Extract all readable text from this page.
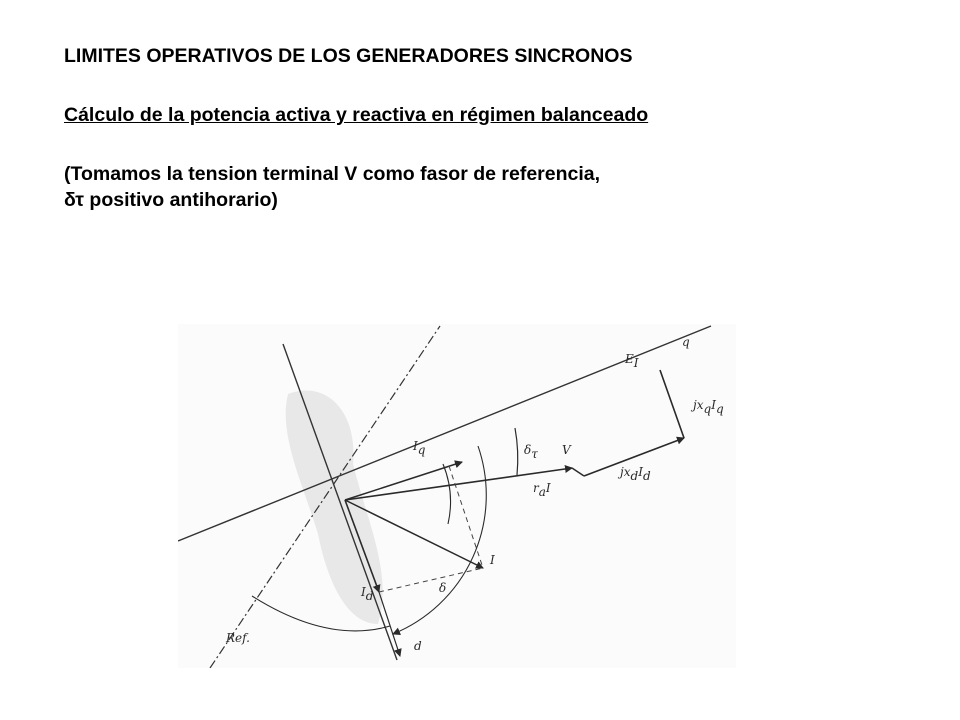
LIMITES OPERATIVOS DE LOS GENERADORES SINCRONOS
Cálculo de la potencia activa y reactiva en régimen balanceado
(Tomamos la tension terminal V como fasor de referencia,
δτ positivo antihorario)
q
EI
jxqIq
δτ V
jxdId
raI
Iq
I
Id
δ
Ref.
d
